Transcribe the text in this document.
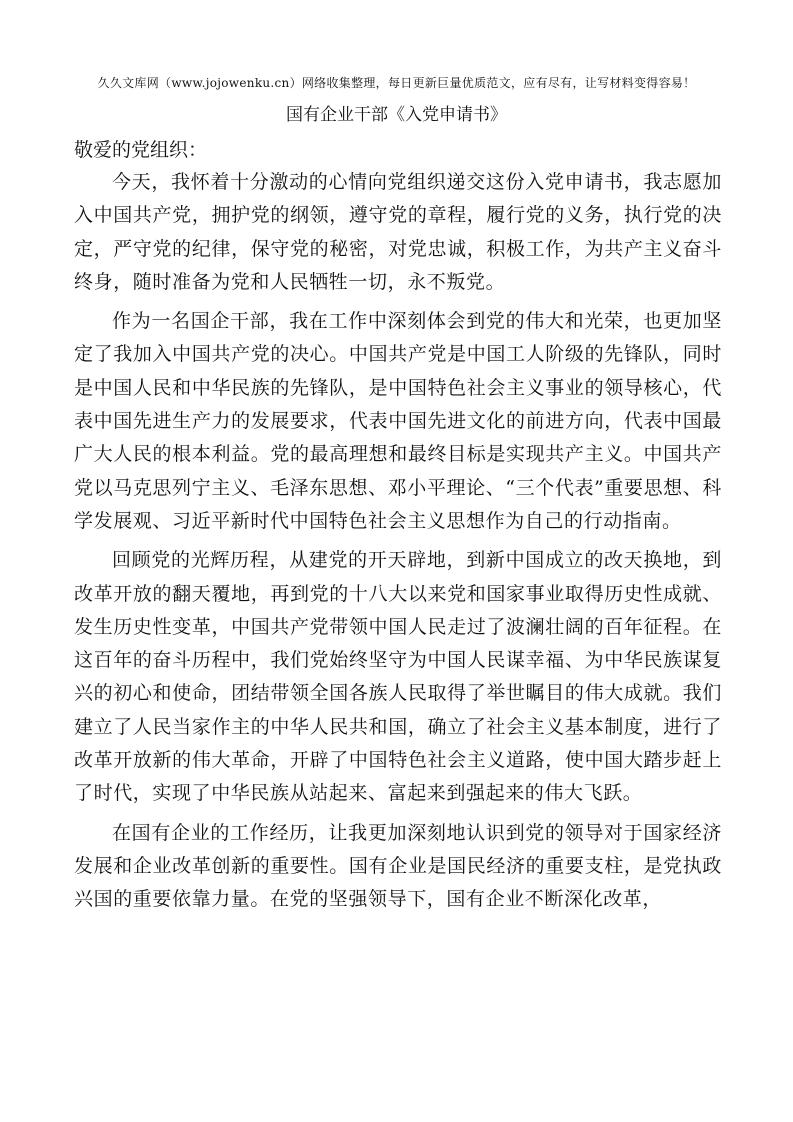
久久文库网（www.jojowenku.cn）网络收集整理，每日更新巨量优质范文，应有尽有，让写材料变得容易！
国有企业干部《入党申请书》

敬爱的党组织：

今天，我怀着十分激动的心情向党组织递交这份入党申请书，我志愿加入中国共产党，拥护党的纲领，遵守党的章程，履行党的义务，执行党的决定，严守党的纪律，保守党的秘密，对党忠诚，积极工作，为共产主义奋斗终身，随时准备为党和人民牺牲一切，永不叛党。

作为一名国企干部，我在工作中深刻体会到党的伟大和光荣，也更加坚定了我加入中国共产党的决心。中国共产党是中国工人阶级的先锋队，同时是中国人民和中华民族的先锋队，是中国特色社会主义事业的领导核心，代表中国先进生产力的发展要求，代表中国先进文化的前进方向，代表中国最广大人民的根本利益。党的最高理想和最终目标是实现共产主义。中国共产党以马克思列宁主义、毛泽东思想、邓小平理论、“三个代表”重要思想、科学发展观、习近平新时代中国特色社会主义思想作为自己的行动指南。

回顾党的光辉历程，从建党的开天辟地，到新中国成立的改天换地，到改革开放的翻天覆地，再到党的十八大以来党和国家事业取得历史性成就、发生历史性变革，中国共产党带领中国人民走过了波澜壮阔的百年征程。在这百年的奋斗历程中，我们党始终坚守为中国人民谋幸福、为中华民族谋复兴的初心和使命，团结带领全国各族人民取得了举世瞩目的伟大成就。我们建立了人民当家作主的中华人民共和国，确立了社会主义基本制度，进行了改革开放新的伟大革命，开辟了中国特色社会主义道路，使中国大踏步赶上了时代，实现了中华民族从站起来、富起来到强起来的伟大飞跃。

在国有企业的工作经历，让我更加深刻地认识到党的领导对于国家经济发展和企业改革创新的重要性。国有企业是国民经济的重要支柱，是党执政兴国的重要依靠力量。在党的坚强领导下，国有企业不断深化改革，
